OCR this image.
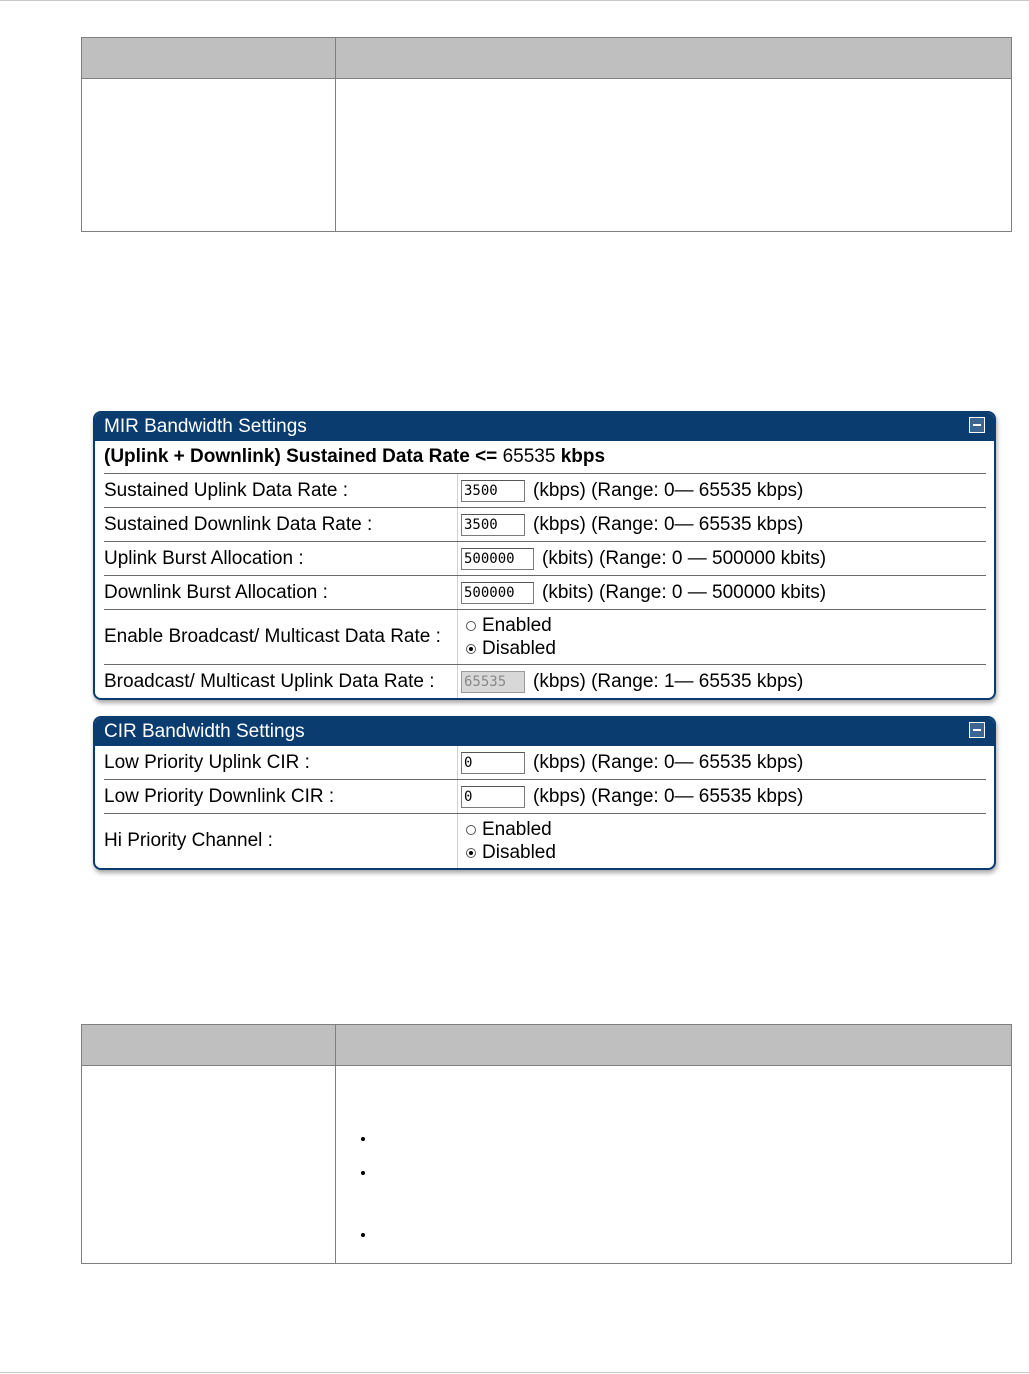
MIR Bandwidth Settings
(Uplink + Downlink) Sustained Data Rate <=
65535
kbps
Sustained Uplink Data Rate :
3500	(kbps) (Range: 0— 65535 kbps)
Sustained Downlink Data Rate :
3500	(kbps) (Range: 0— 65535 kbps)
Uplink Burst Allocation :
500000	(kbits) (Range: 0 — 500000 kbits)
Downlink Burst Allocation :
500000	(kbits) (Range: 0 — 500000 kbits)
Enable Broadcast/ Multicast Data Rate :
Enabled
Disabled
Broadcast/ Multicast Uplink Data Rate :
65535	(kbps) (Range: 1— 65535 kbps)
CIR Bandwidth Settings
Low Priority Uplink CIR :
0	(kbps) (Range: 0— 65535 kbps)
Low Priority Downlink CIR :
0	(kbps) (Range: 0— 65535 kbps)
Hi Priority Channel :
Enabled
Disabled

•
•
•
